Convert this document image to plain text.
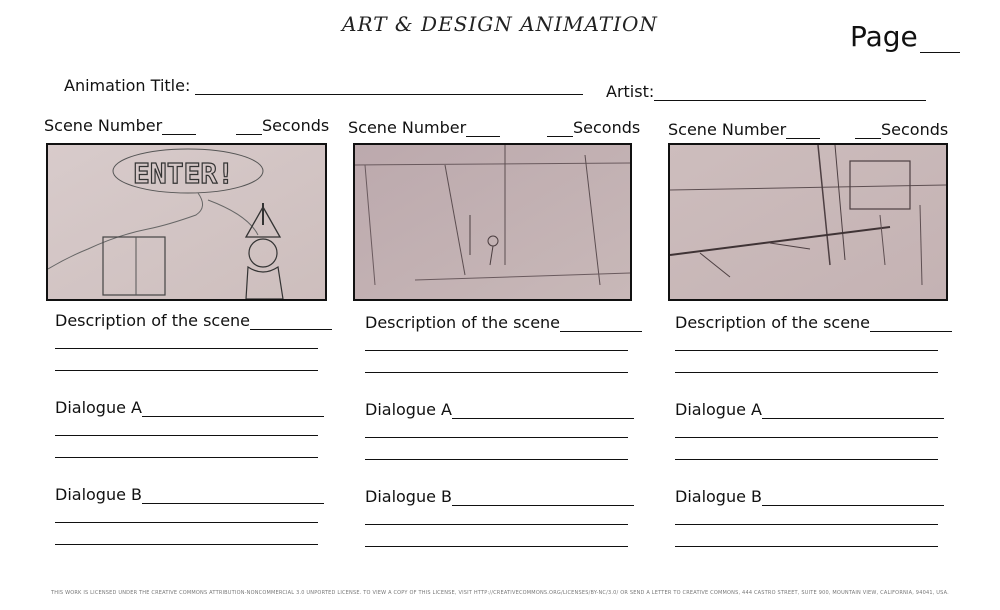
ART & DESIGN ANIMATION	Page
Animation Title:	Artist:
Scene Number	Seconds
ENTER!
Description of the scene
Dialogue A
Dialogue B
Scene Number	Seconds
Description of the scene
Dialogue A
Dialogue B
Scene Number	Seconds
Description of the scene
Dialogue A
Dialogue B
THIS WORK IS LICENSED UNDER THE CREATIVE COMMONS ATTRIBUTION-NONCOMMERCIAL 3.0 UNPORTED LICENSE. TO VIEW A COPY OF THIS LICENSE, VISIT HTTP://CREATIVECOMMONS.ORG/LICENSES/BY-NC/3.0/ OR SEND A LETTER TO CREATIVE COMMONS, 444 CASTRO STREET, SUITE 900, MOUNTAIN VIEW, CALIFORNIA, 94041, USA.
